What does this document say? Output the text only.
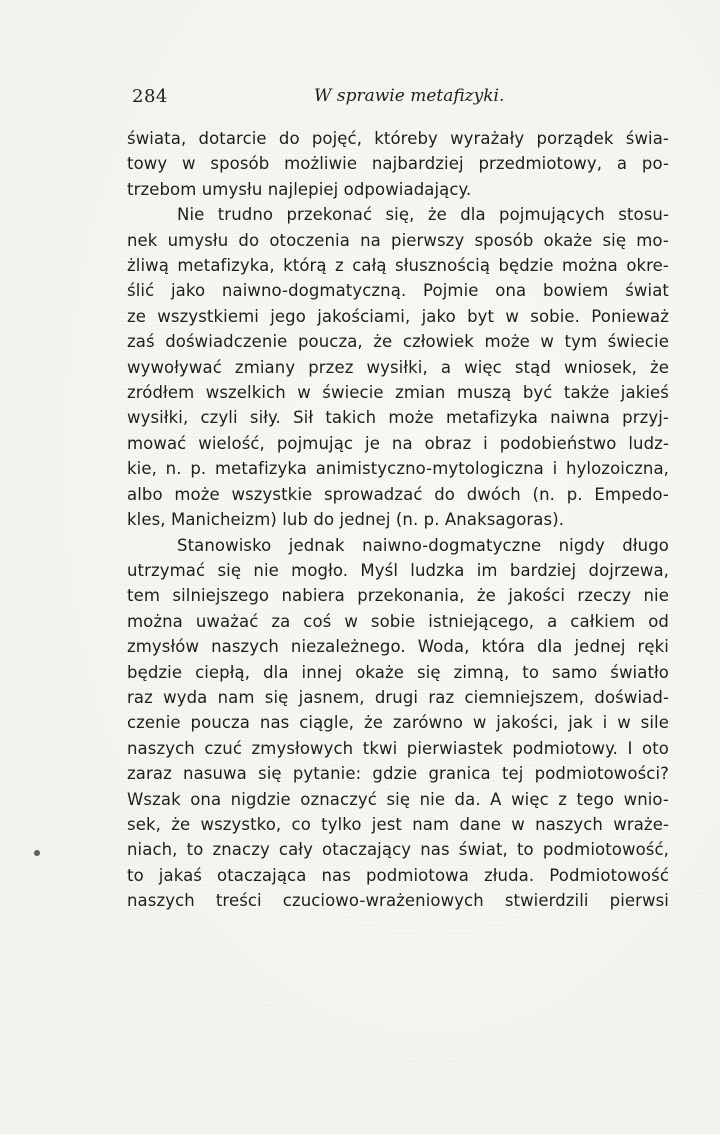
284	W sprawie metafizyki.
świata, dotarcie do pojęć, któreby wyrażały porządek świa-
towy w sposób możliwie najbardziej przedmiotowy, a po-
trzebom umysłu najlepiej odpowiadający.
Nie trudno przekonać się, że dla pojmujących stosu-
nek umysłu do otoczenia na pierwszy sposób okaże się mo-
żliwą metafizyka, którą z całą słusznością będzie można okre-
ślić jako naiwno-dogmatyczną. Pojmie ona bowiem świat
ze wszystkiemi jego jakościami, jako byt w sobie. Ponieważ
zaś doświadczenie poucza, że człowiek może w tym świecie
wywoływać zmiany przez wysiłki, a więc stąd wniosek, że
zródłem wszelkich w świecie zmian muszą być także jakieś
wysiłki, czyli siły. Sił takich może metafizyka naiwna przyj-
mować wielość, pojmując je na obraz i podobieństwo ludz-
kie, n. p. metafizyka animistyczno-mytologiczna i hylozoiczna,
albo może wszystkie sprowadzać do dwóch (n. p. Empedo-
kles, Manicheizm) lub do jednej (n. p. Anaksagoras).
Stanowisko jednak naiwno-dogmatyczne nigdy długo
utrzymać się nie mogło. Myśl ludzka im bardziej dojrzewa,
tem silniejszego nabiera przekonania, że jakości rzeczy nie
można uważać za coś w sobie istniejącego, a całkiem od
zmysłów naszych niezależnego. Woda, która dla jednej ręki
będzie ciepłą, dla innej okaże się zimną, to samo światło
raz wyda nam się jasnem, drugi raz ciemniejszem, doświad-
czenie poucza nas ciągle, że zarówno w jakości, jak i w sile
naszych czuć zmysłowych tkwi pierwiastek podmiotowy. I oto
zaraz nasuwa się pytanie: gdzie granica tej podmiotowości?
Wszak ona nigdzie oznaczyć się nie da. A więc z tego wnio-
sek, że wszystko, co tylko jest nam dane w naszych wraże-
niach, to znaczy cały otaczający nas świat, to podmiotowość,
to jakaś otaczająca nas podmiotowa złuda. Podmiotowość
naszych treści czuciowo-wrażeniowych stwierdzili pierwsi
